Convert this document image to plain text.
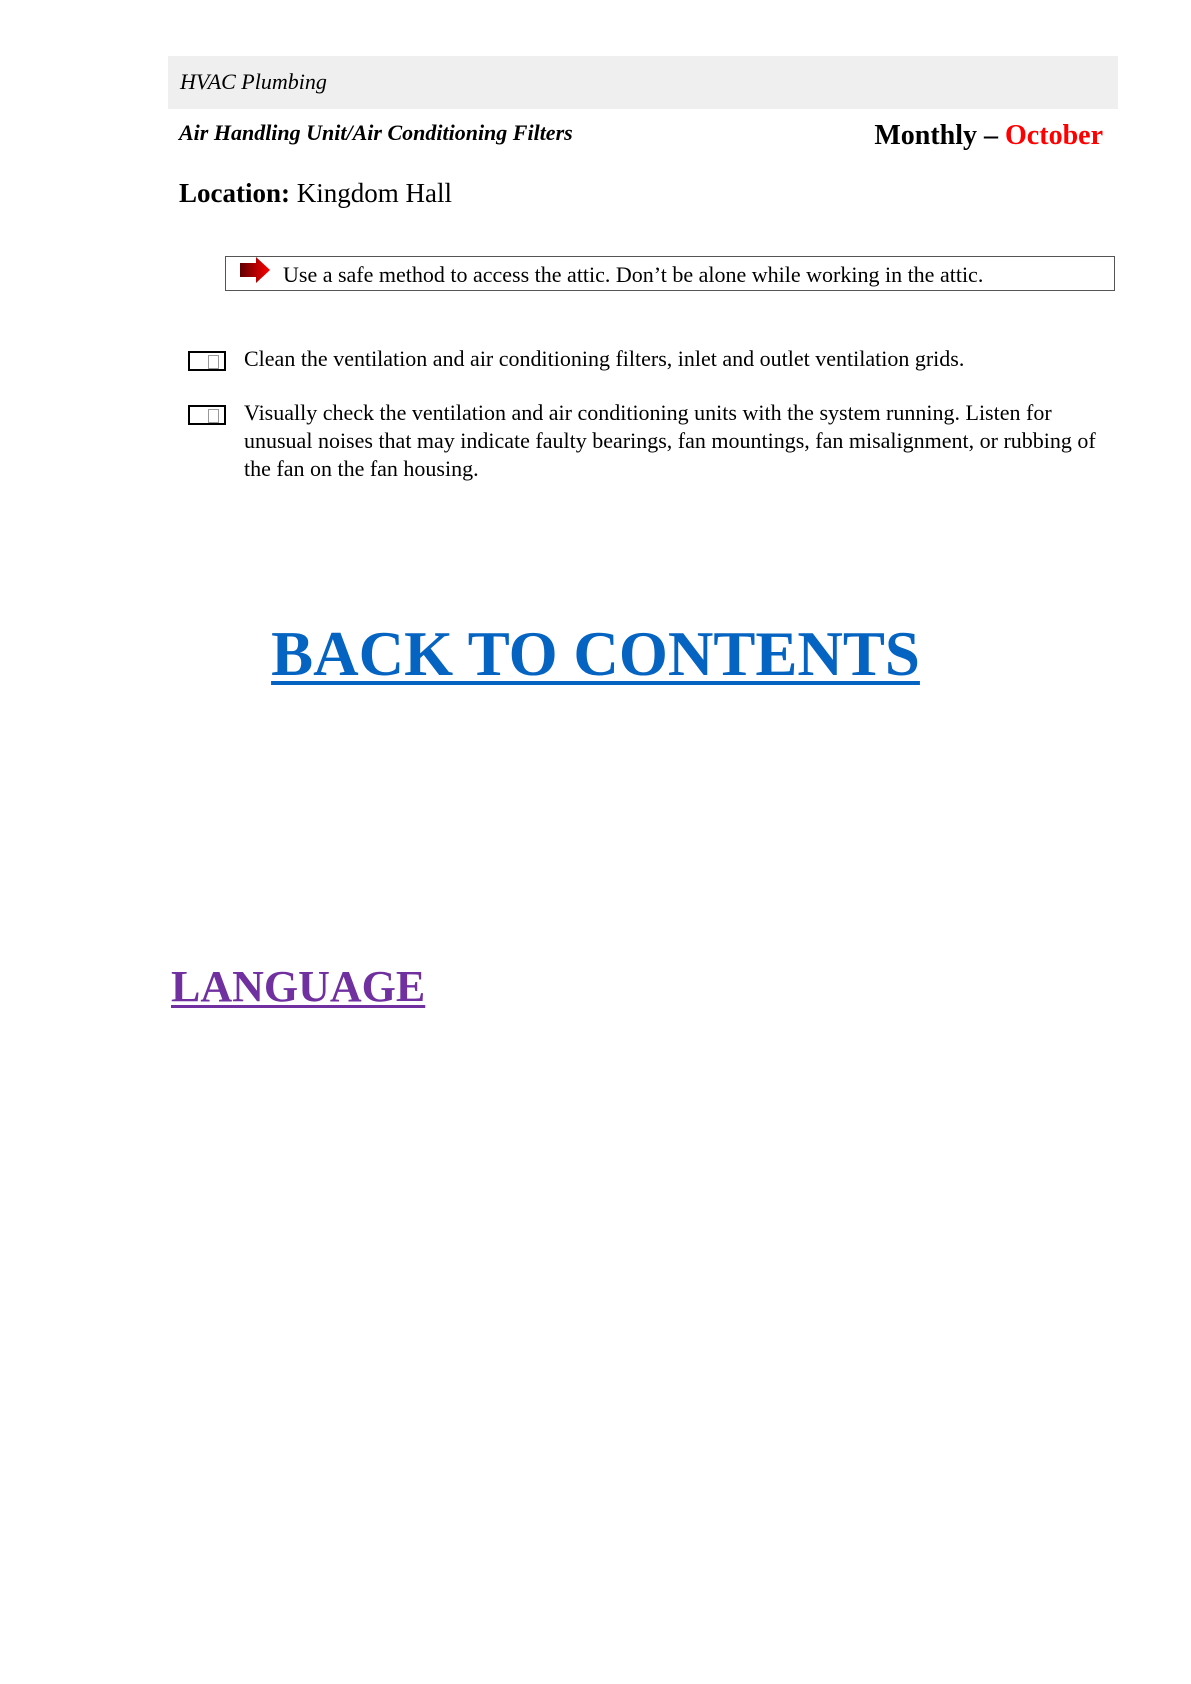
HVAC Plumbing
Air Handling Unit/Air Conditioning Filters	Monthly – October
Location: Kingdom Hall
Use a safe method to access the attic. Don’t be alone while working in the attic.
Clean the ventilation and air conditioning filters, inlet and outlet ventilation grids.
Visually check the ventilation and air conditioning units with the system running. Listen for unusual noises that may indicate faulty bearings, fan mountings, fan misalignment, or rubbing of the fan on the fan housing.
BACK TO CONTENTS
LANGUAGE
